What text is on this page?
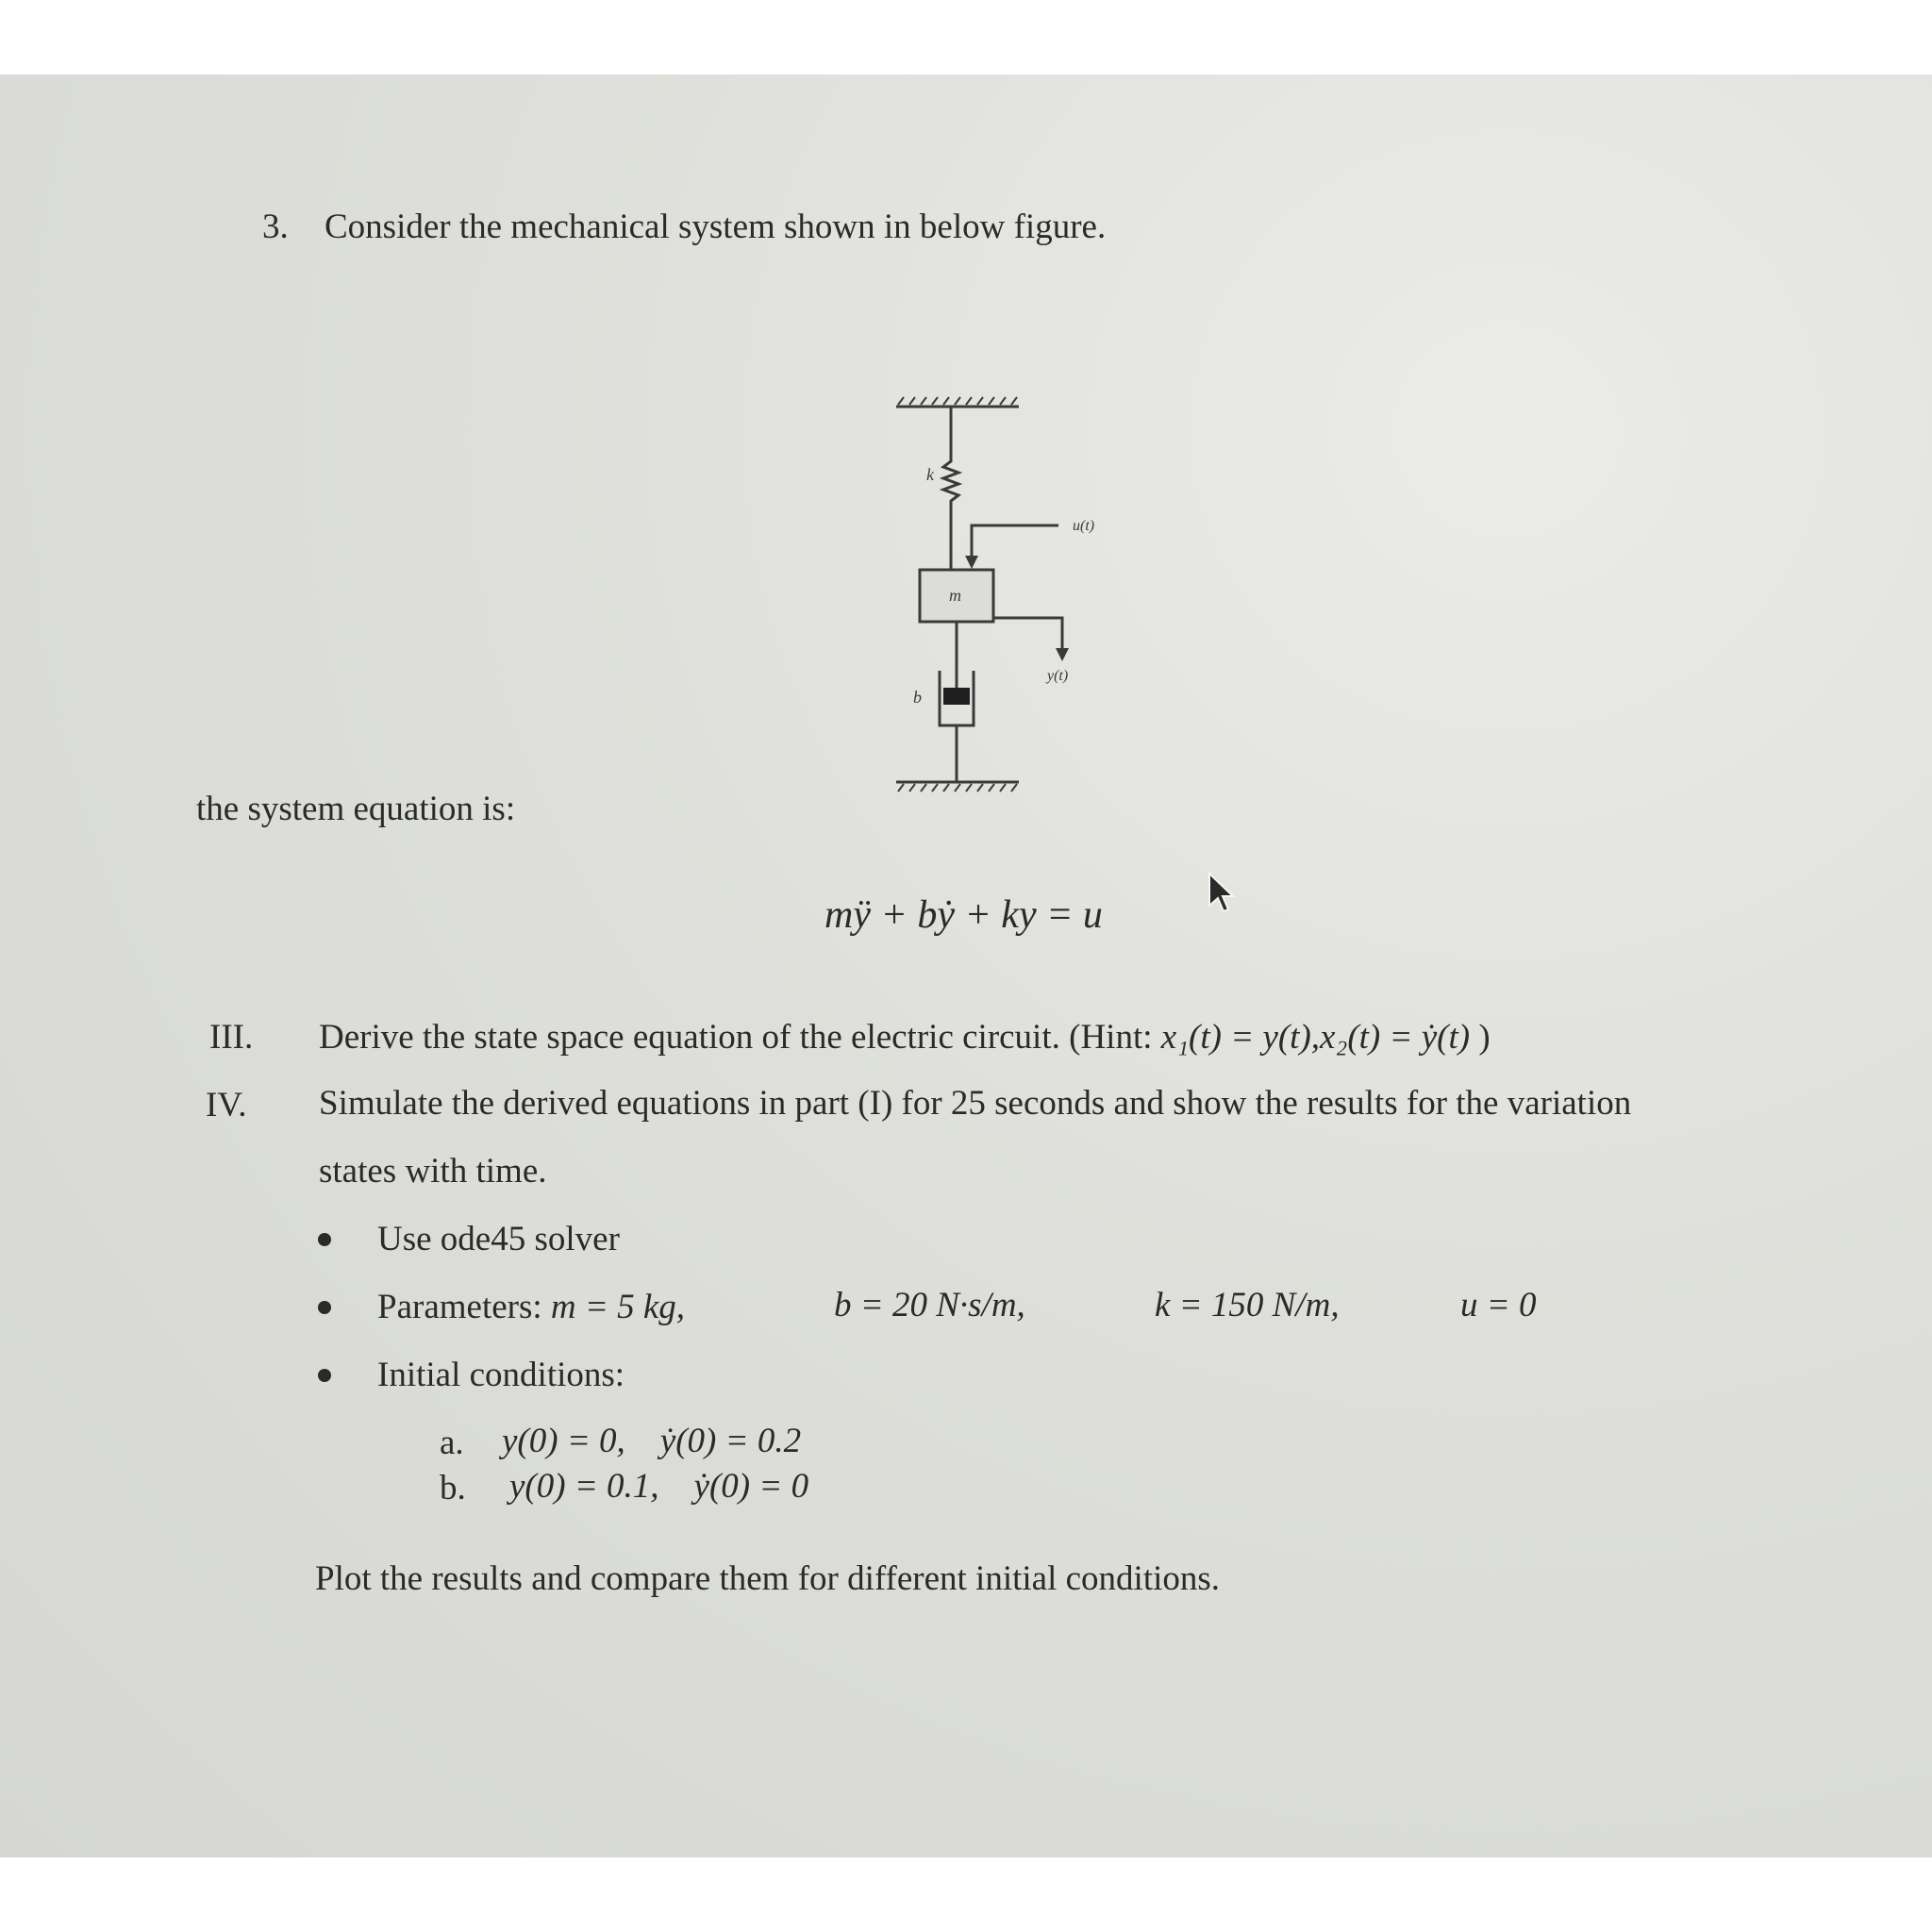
3. Consider the mechanical system shown in below figure.
k
u(t)
m
b
y(t)
the system equation is:
mÿ + bẏ + ky = u
III. Derive the state space equation of the electric circuit. (Hint: x₁(t) = y(t),x₂(t) = ẏ(t) )
IV. Simulate the derived equations in part (I) for 25 seconds and show the results for the variation
states with time.
Use ode45 solver
Parameters: m = 5 kg,	b = 20 N·s/m,	k = 150 N/m,	u = 0
Initial conditions:
a. y(0) = 0,    ẏ(0) = 0.2
b. y(0) = 0.1,    ẏ(0) = 0
Plot the results and compare them for different initial conditions.
